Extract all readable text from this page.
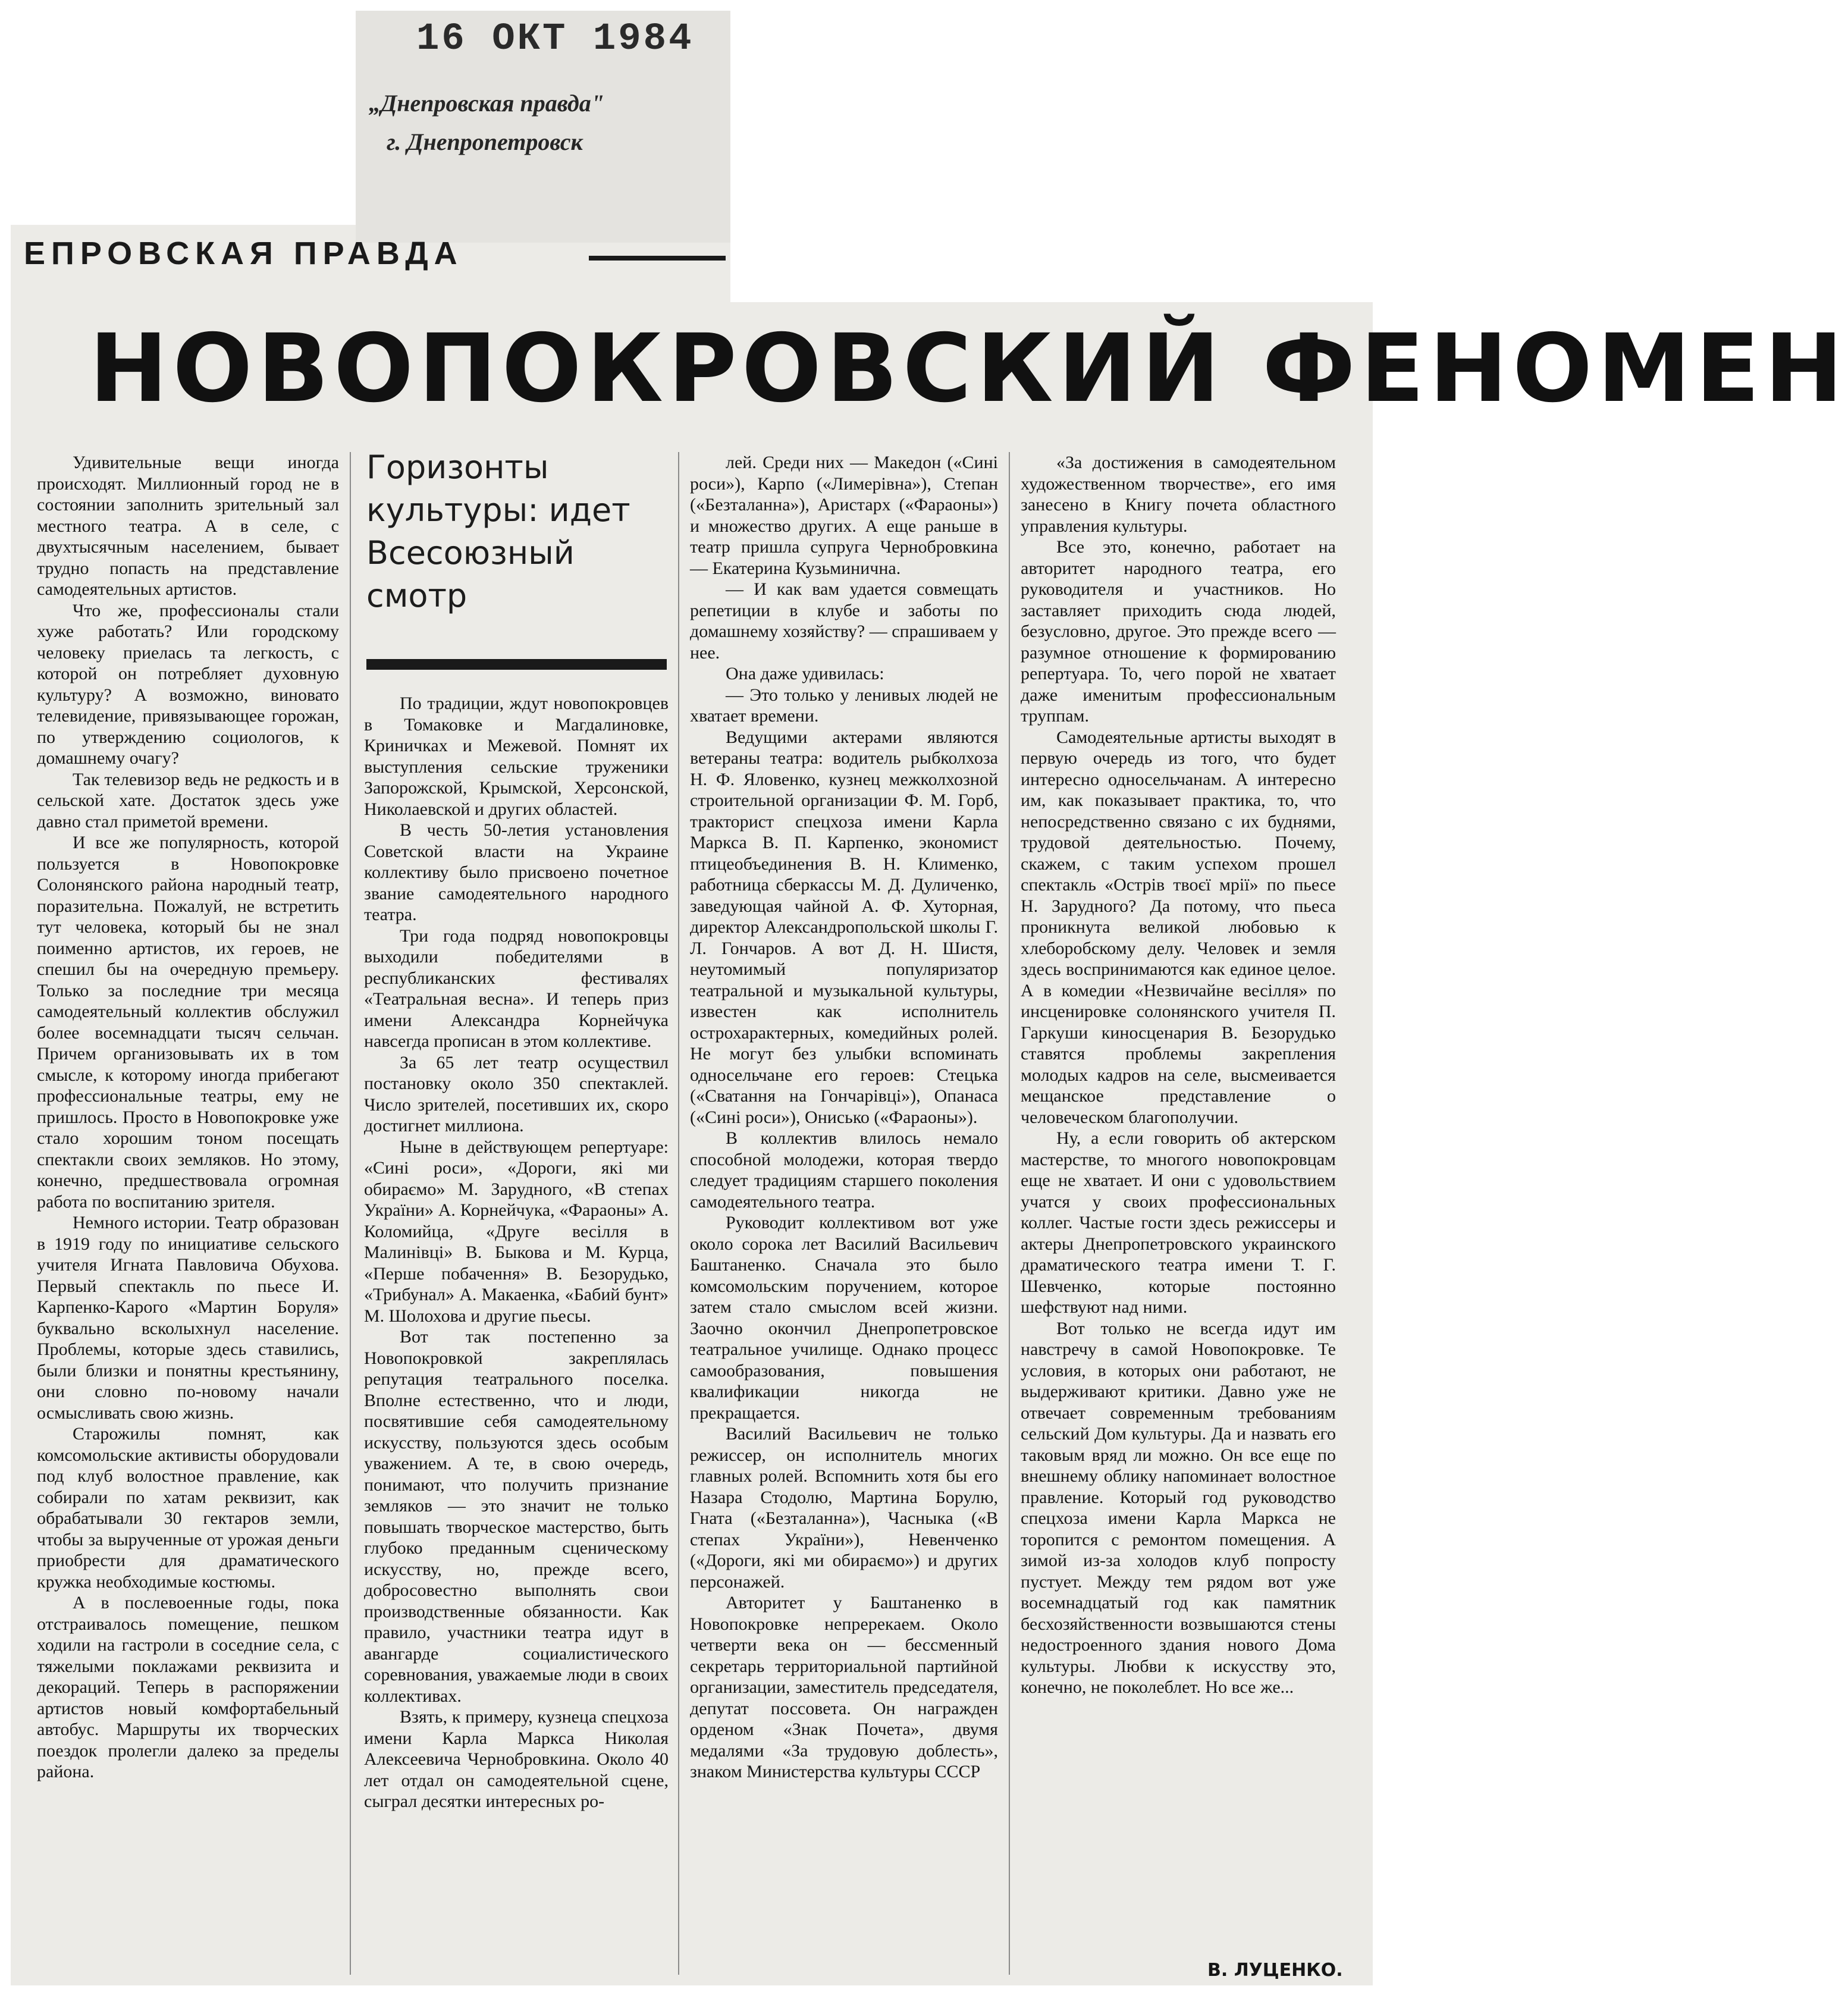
16 ОКТ 1984
„Днепровская правда"
г. Днепропетровск
ЕПРОВСКАЯ ПРАВДА
НОВОПОКРОВСКИЙ ФЕНОМЕН
Горизонты культуры: идет Всесоюзный смотр

Удивительные вещи иногда происходят. Миллионный город не в состоянии заполнить зрительный зал местного театра. А в селе, с двухтысячным населением, бывает трудно попасть на представление самодеятельных артистов.

Что же, профессионалы стали хуже работать? Или городскому человеку приелась та легкость, с которой он потребляет духовную культуру? А возможно, виновато телевидение, привязывающее горожан, по утверждению социологов, к домашнему очагу?

Так телевизор ведь не редкость и в сельской хате. Достаток здесь уже давно стал приметой времени.

И все же популярность, которой пользуется в Новопокровке Солонянского района народный театр, поразительна. Пожалуй, не встретить тут человека, который бы не знал поименно артистов, их героев, не спешил бы на очередную премьеру. Только за последние три месяца самодеятельный коллектив обслужил более восемнадцати тысяч сельчан. Причем организовывать их в том смысле, к которому иногда прибегают профессиональные театры, ему не пришлось. Просто в Новопокровке уже стало хорошим тоном посещать спектакли своих земляков. Но этому, конечно, предшествовала огромная работа по воспитанию зрителя.

Немного истории. Театр образован в 1919 году по инициативе сельского учителя Игната Павловича Обухова. Первый спектакль по пьесе И. Карпенко-Карого «Мартин Боруля» буквально всколыхнул население. Проблемы, которые здесь ставились, были близки и понятны крестьянину, они словно по-новому начали осмысливать свою жизнь.

Старожилы помнят, как комсомольские активисты оборудовали под клуб волостное правление, как собирали по хатам реквизит, как обрабатывали 30 гектаров земли, чтобы за вырученные от урожая деньги приобрести для драматического кружка необходимые костюмы.

А в послевоенные годы, пока отстраивалось помещение, пешком ходили на гастроли в соседние села, с тяжелыми поклажами реквизита и декораций. Теперь в распоряжении артистов новый комфортабельный автобус. Маршруты их творческих поездок пролегли далеко за пределы района.

По традиции, ждут новопокровцев в Томаковке и Магдалиновке, Криничках и Межевой. Помнят их выступления сельские труженики Запорожской, Крымской, Херсонской, Николаевской и других областей.

В честь 50-летия установления Советской власти на Украине коллективу было присвоено почетное звание самодеятельного народного театра.

Три года подряд новопокровцы выходили победителями в республиканских фестивалях «Театральная весна». И теперь приз имени Александра Корнейчука навсегда прописан в этом коллективе.

За 65 лет театр осуществил постановку около 350 спектаклей. Число зрителей, посетивших их, скоро достигнет миллиона.

Ныне в действующем репертуаре: «Сині роси», «Дороги, які ми обираємо» М. Зарудного, «В степах України» А. Корнейчука, «Фараоны» А. Коломийца, «Друге весілля в Малинівці» В. Быкова и М. Курца, «Перше побачення» В. Безорудько, «Трибунал» А. Макаенка, «Бабий бунт» М. Шолохова и другие пьесы.

Вот так постепенно за Новопокровкой закреплялась репутация театрального поселка. Вполне естественно, что и люди, посвятившие себя самодеятельному искусству, пользуются здесь особым уважением. А те, в свою очередь, понимают, что получить признание земляков — это значит не только повышать творческое мастерство, быть глубоко преданным сценическому искусству, но, прежде всего, добросовестно выполнять свои производственные обязанности. Как правило, участники театра идут в авангарде социалистического соревнования, уважаемые люди в своих коллективах.

Взять, к примеру, кузнеца спецхоза имени Карла Маркса Николая Алексеевича Чернобровкина. Около 40 лет отдал он самодеятельной сцене, сыграл десятки интересных ро-

лей. Среди них — Македон («Сині роси»), Карпо («Лимерівна»), Степан («Безталанна»), Аристарх («Фараоны») и множество других. А еще раньше в театр пришла супруга Чернобровкина — Екатерина Кузьминична.

— И как вам удается совмещать репетиции в клубе и заботы по домашнему хозяйству? — спрашиваем у нее.

Она даже удивилась:

— Это только у ленивых людей не хватает времени.

Ведущими актерами являются ветераны театра: водитель рыбколхоза Н. Ф. Яловенко, кузнец межколхозной строительной организации Ф. М. Горб, тракторист спецхоза имени Карла Маркса В. П. Карпенко, экономист птицеобъединения В. Н. Клименко, работница сберкассы М. Д. Дуличенко, заведующая чайной А. Ф. Хуторная, директор Александропольской школы Г. Л. Гончаров. А вот Д. Н. Шистя, неутомимый популяризатор театральной и музыкальной культуры, известен как исполнитель острохарактерных, комедийных ролей. Не могут без улыбки вспоминать односельчане его героев: Стецька («Сватання на Гончарівці»), Опанаса («Сині роси»), Онисько («Фараоны»).

В коллектив влилось немало способной молодежи, которая твердо следует традициям старшего поколения самодеятельного театра.

Руководит коллективом вот уже около сорока лет Василий Васильевич Баштаненко. Сначала это было комсомольским поручением, которое затем стало смыслом всей жизни. Заочно окончил Днепропетровское театральное училище. Однако процесс самообразования, повышения квалификации никогда не прекращается.

Василий Васильевич не только режиссер, он исполнитель многих главных ролей. Вспомнить хотя бы его Назара Стодолю, Мартина Борулю, Гната («Безталанна»), Часныка («В степах України»), Невенченко («Дороги, які ми обираємо») и других персонажей.

Авторитет у Баштаненко в Новопокровке непререкаем. Около четверти века он — бессменный секретарь территориальной партийной организации, заместитель председателя, депутат поссовета. Он награжден орденом «Знак Почета», двумя медалями «За трудовую доблесть», знаком Министерства культуры СССР

«За достижения в самодеятельном художественном творчестве», его имя занесено в Книгу почета областного управления культуры.

Все это, конечно, работает на авторитет народного театра, его руководителя и участников. Но заставляет приходить сюда людей, безусловно, другое. Это прежде всего — разумное отношение к формированию репертуара. То, чего порой не хватает даже именитым профессиональным труппам.

Самодеятельные артисты выходят в первую очередь из того, что будет интересно односельчанам. А интересно им, как показывает практика, то, что непосредственно связано с их буднями, трудовой деятельностью. Почему, скажем, с таким успехом прошел спектакль «Острів твоєї мрії» по пьесе Н. Зарудного? Да потому, что пьеса проникнута великой любовью к хлеборобскому делу. Человек и земля здесь воспринимаются как единое целое. А в комедии «Незвичайне весілля» по инсценировке солонянского учителя П. Гаркуши киносценария В. Безорудько ставятся проблемы закрепления молодых кадров на селе, высмеивается мещанское представление о человеческом благополучии.

Ну, а если говорить об актерском мастерстве, то многого новопокровцам еще не хватает. И они с удовольствием учатся у своих профессиональных коллег. Частые гости здесь режиссеры и актеры Днепропетровского украинского драматического театра имени Т. Г. Шевченко, которые постоянно шефствуют над ними.

Вот только не всегда идут им навстречу в самой Новопокровке. Те условия, в которых они работают, не выдерживают критики. Давно уже не отвечает современным требованиям сельский Дом культуры. Да и назвать его таковым вряд ли можно. Он все еще по внешнему облику напоминает волостное правление. Который год руководство спецхоза имени Карла Маркса не торопится с ремонтом помещения. А зимой из-за холодов клуб попросту пустует. Между тем рядом вот уже восемнадцатый год как памятник бесхозяйственности возвышаются стены недостроенного здания нового Дома культуры. Любви к искусству это, конечно, не поколеблет. Но все же...

В. ЛУЦЕНКО.
